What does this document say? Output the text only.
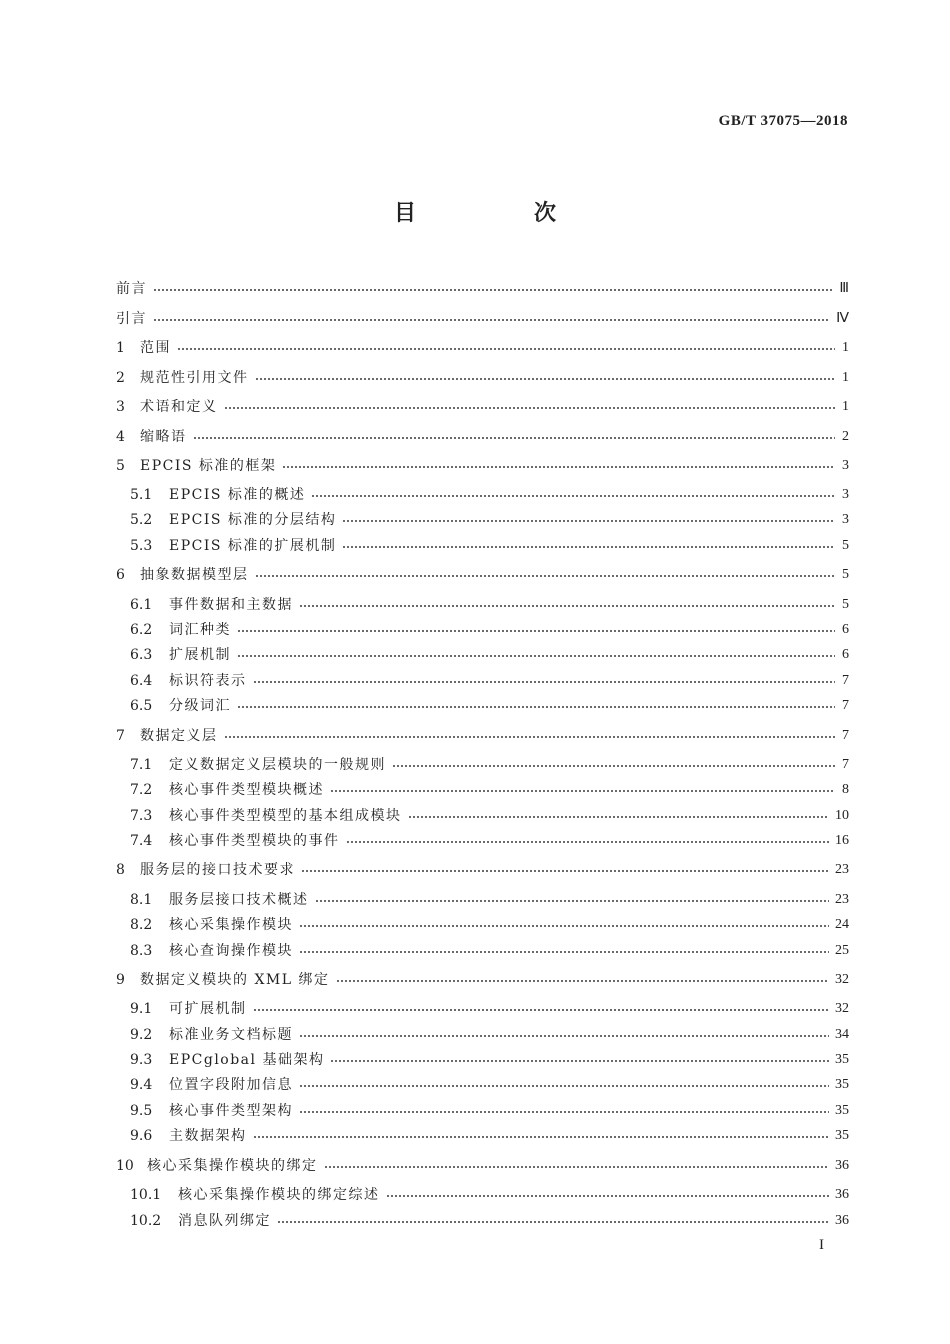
GB/T 37075—2018
目　次
前言	Ⅲ
引言	Ⅳ
1	范围	1
2	规范性引用文件	1
3	术语和定义	1
4	缩略语	2
5	EPCIS 标准的框架	3
5.1	EPCIS 标准的概述	3
5.2	EPCIS 标准的分层结构	3
5.3	EPCIS 标准的扩展机制	5
6	抽象数据模型层	5
6.1	事件数据和主数据	5
6.2	词汇种类	6
6.3	扩展机制	6
6.4	标识符表示	7
6.5	分级词汇	7
7	数据定义层	7
7.1	定义数据定义层模块的一般规则	7
7.2	核心事件类型模块概述	8
7.3	核心事件类型模型的基本组成模块	10
7.4	核心事件类型模块的事件	16
8	服务层的接口技术要求	23
8.1	服务层接口技术概述	23
8.2	核心采集操作模块	24
8.3	核心查询操作模块	25
9	数据定义模块的 XML 绑定	32
9.1	可扩展机制	32
9.2	标准业务文档标题	34
9.3	EPCglobal 基础架构	35
9.4	位置字段附加信息	35
9.5	核心事件类型架构	35
9.6	主数据架构	35
10 核心采集操作模块的绑定	36
10.1	核心采集操作模块的绑定综述	36
10.2	消息队列绑定	36
I
